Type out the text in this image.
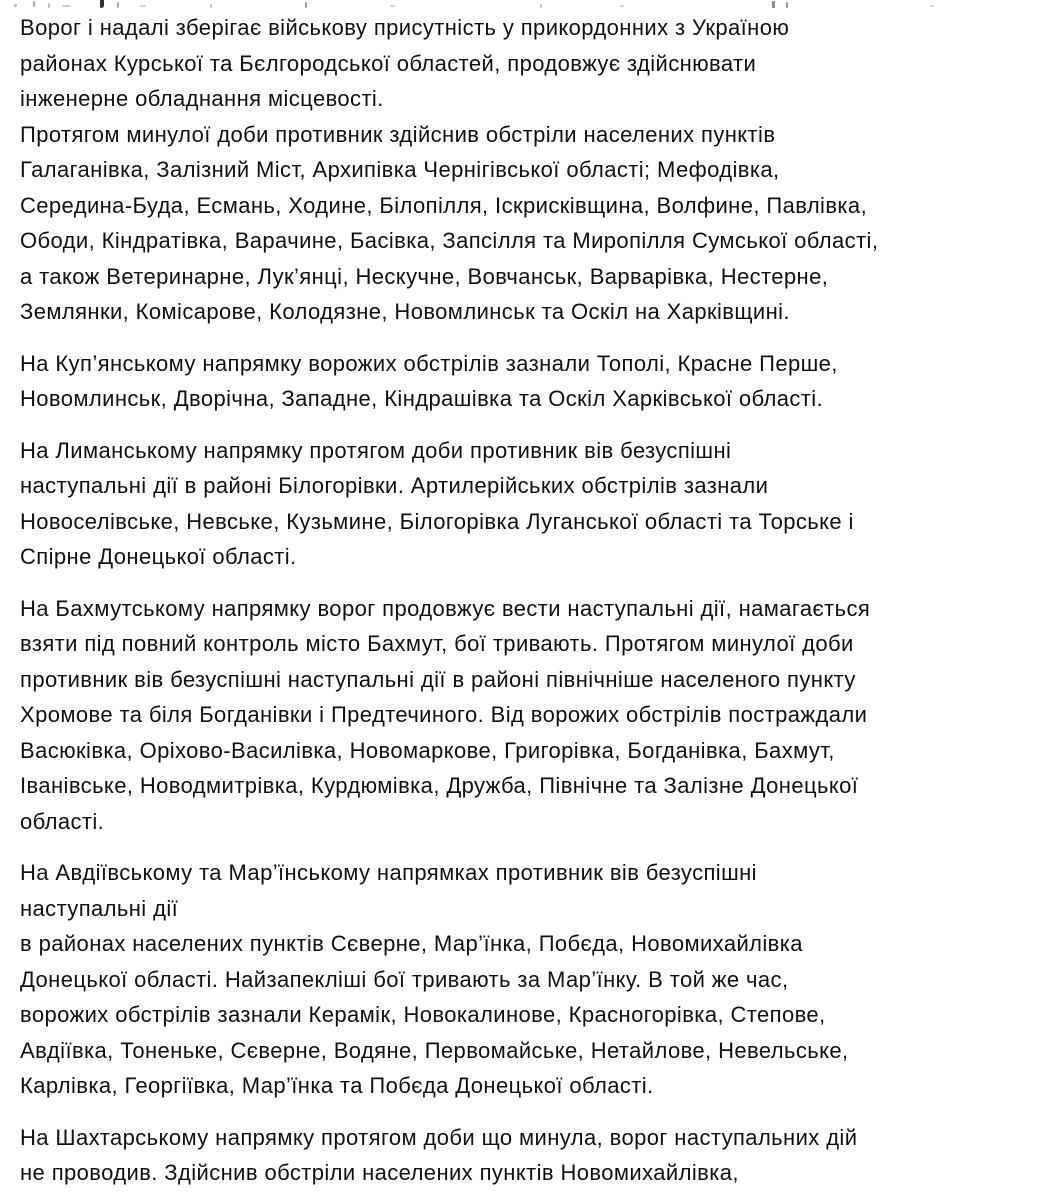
Ворог і надалі зберігає військову присутність у прикордонних з Україною
районах Курської та Бєлгородської областей, продовжує здійснювати
інженерне обладнання місцевості.
Протягом минулої доби противник здійснив обстріли населених пунктів
Галаганівка, Залізний Міст, Архипівка Чернігівської області; Мефодівка,
Середина-Буда, Есмань, Ходине, Білопілля, Іскрисківщина, Волфине, Павлівка,
Ободи, Кіндратівка, Варачине, Басівка, Запсілля та Миропілля Сумської області,
а також Ветеринарне, Лук’янці, Нескучне, Вовчанськ, Варварівка, Нестерне,
Землянки, Комісарове, Колодязне, Новомлинськ та Оскіл на Харківщині.
На Куп’янському напрямку ворожих обстрілів зазнали Тополі, Красне Перше,
Новомлинськ, Дворічна, Западне, Кіндрашівка та Оскіл Харківської області.
На Лиманському напрямку протягом доби противник вів безуспішні
наступальні дії в районі Білогорівки. Артилерійських обстрілів зазнали
Новоселівське, Невське, Кузьмине, Білогорівка Луганської області та Торське і
Спірне Донецької області.
На Бахмутському напрямку ворог продовжує вести наступальні дії, намагається
взяти під повний контроль місто Бахмут, бої тривають. Протягом минулої доби
противник вів безуспішні наступальні дії в районі північніше населеного пункту
Хромове та біля Богданівки і Предтечиного. Від ворожих обстрілів постраждали
Васюківка, Оріхово-Василівка, Новомаркове, Григорівка, Богданівка, Бахмут,
Іванівське, Новодмитрівка, Курдюмівка, Дружба, Північне та Залізне Донецької
області.
На Авдіївському та Мар’їнському напрямках противник вів безуспішні
наступальні дії
в районах населених пунктів Сєверне, Мар’їнка, Побєда, Новомихайлівка
Донецької області. Найзапекліші бої тривають за Мар’їнку. В той же час,
ворожих обстрілів зазнали Керамік, Новокалинове, Красногорівка, Степове,
Авдіївка, Тоненьке, Сєверне, Водяне, Первомайське, Нетайлове, Невельське,
Карлівка, Георгіївка, Мар’їнка та Побєда Донецької області.
На Шахтарському напрямку протягом доби що минула, ворог наступальних дій
не проводив. Здійснив обстріли населених пунктів Новомихайлівка,
